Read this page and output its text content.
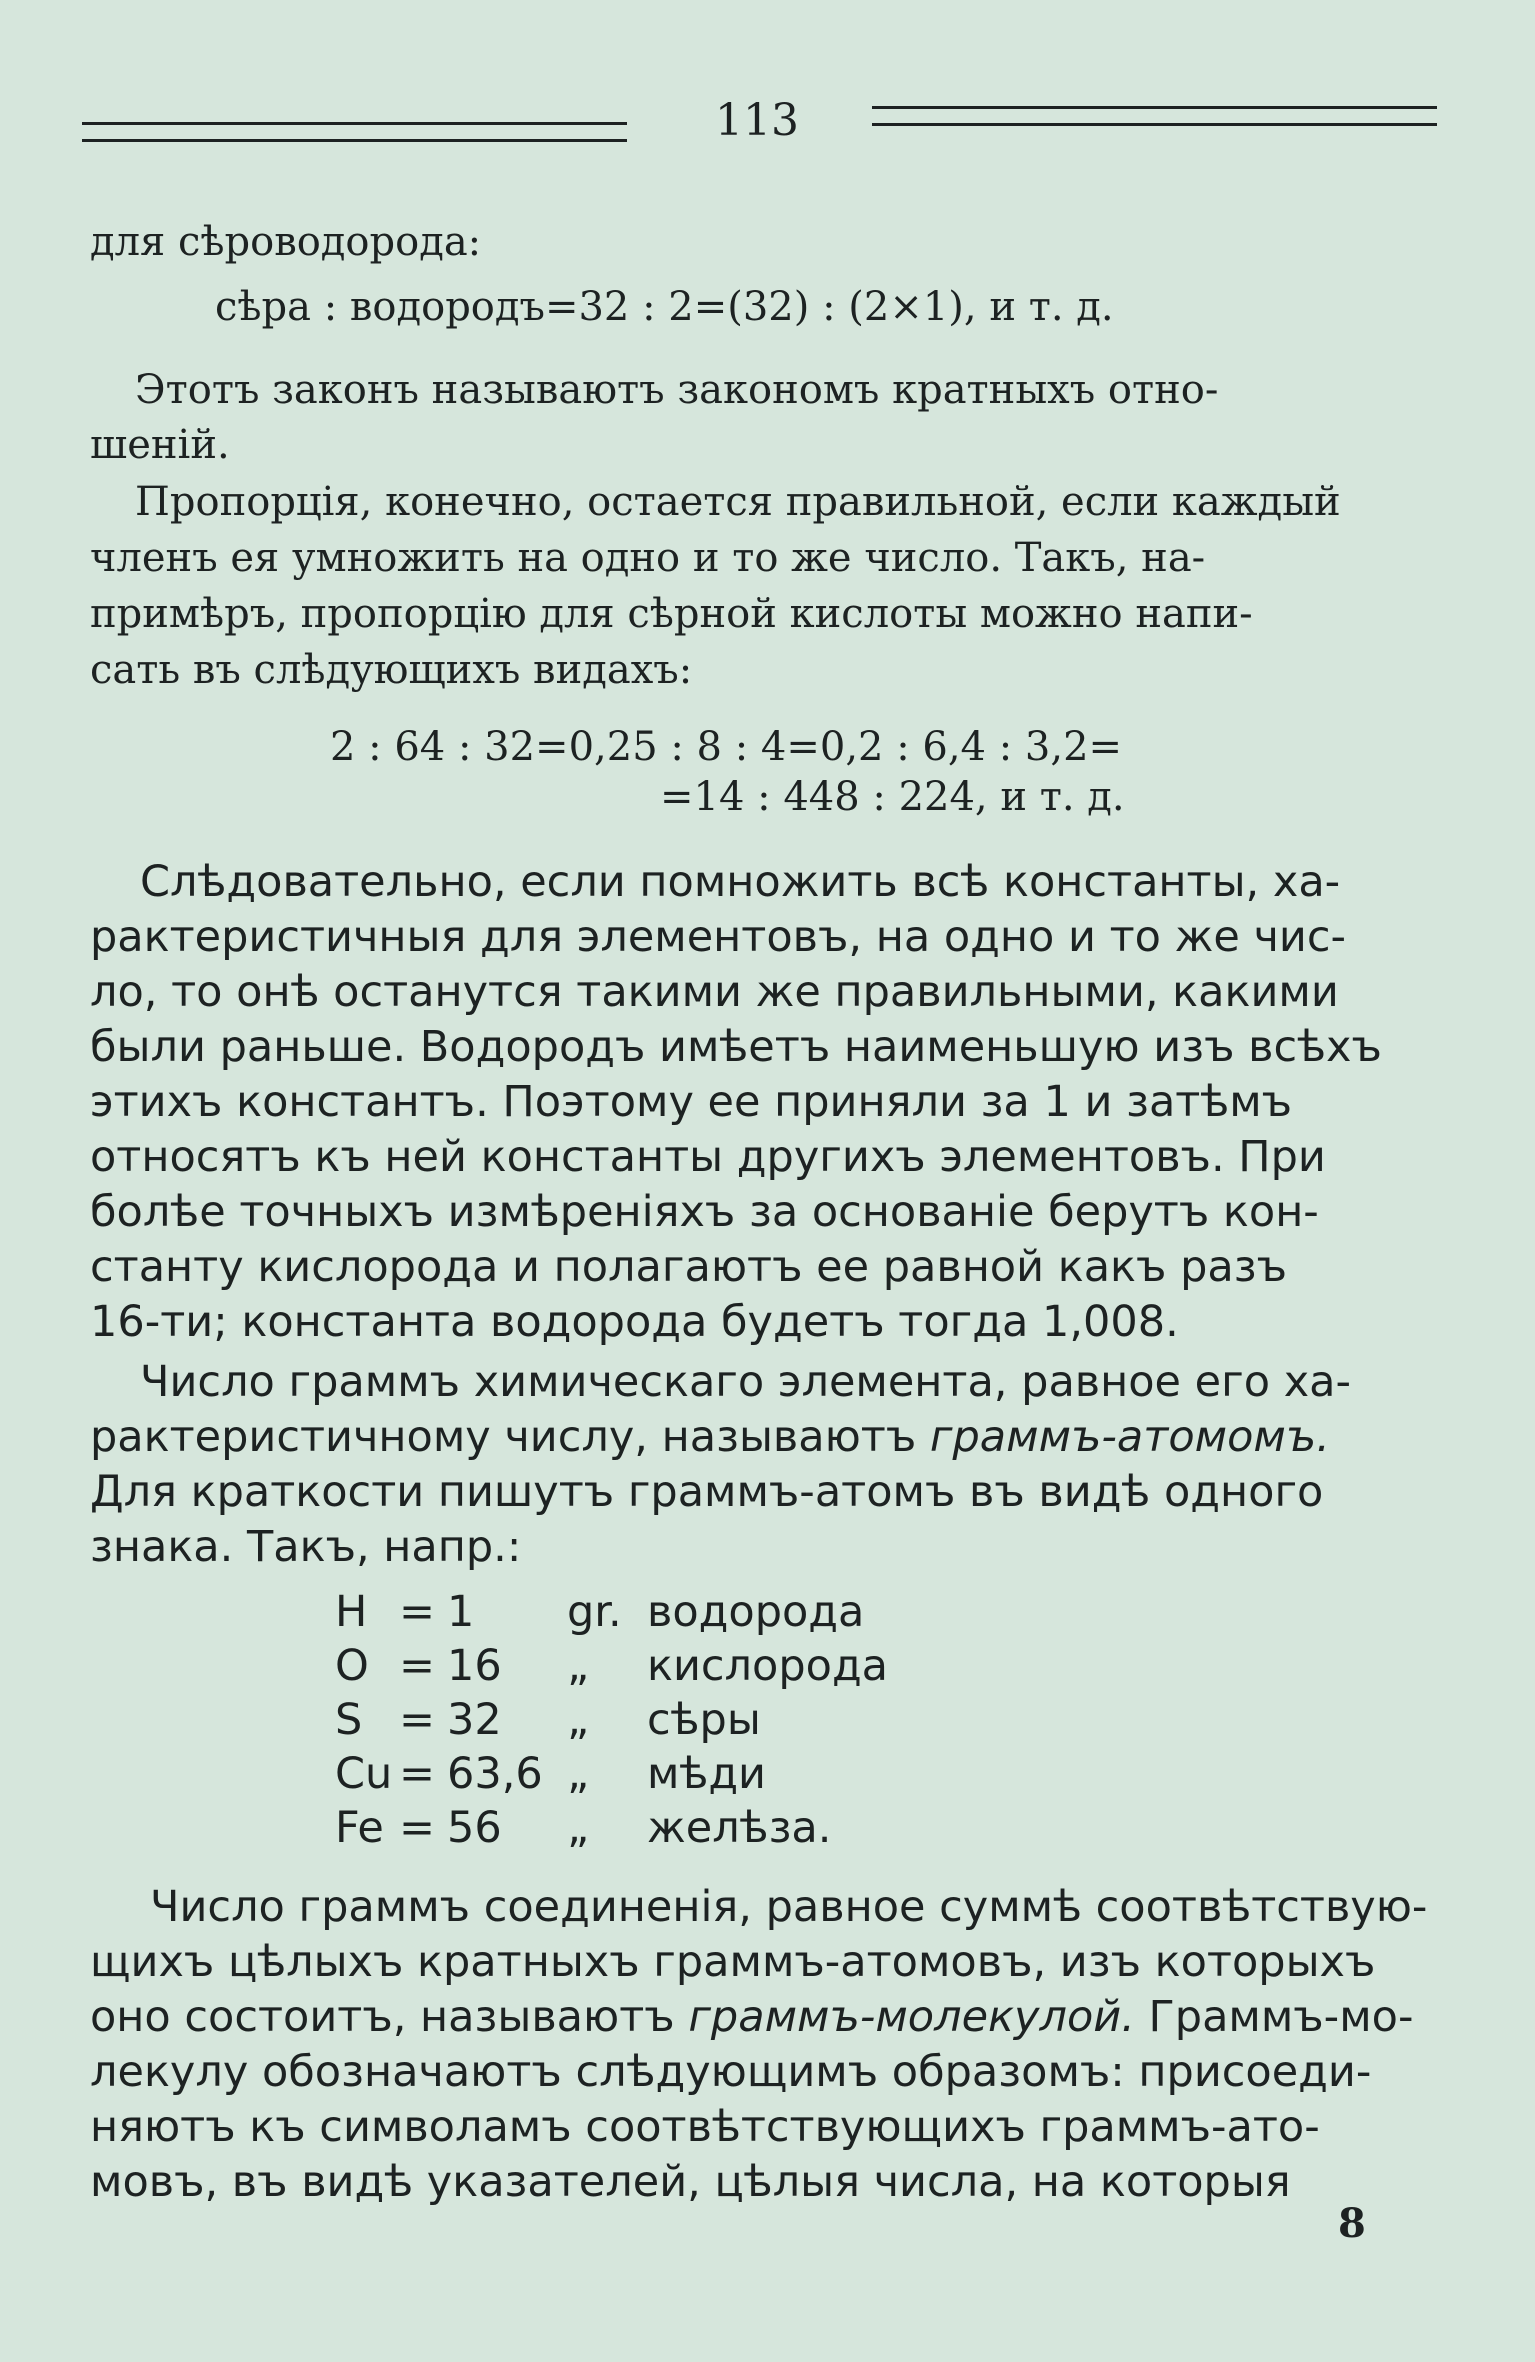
113
для сѣроводорода:
сѣра : водородъ=32 : 2=(32) : (2×1), и т. д.
Этотъ законъ называютъ закономъ кратныхъ отно-
шеній.
Пропорція, конечно, остается правильной, если каждый
членъ ея умножить на одно и то же число. Такъ, на-
примѣръ, пропорцію для сѣрной кислоты можно напи-
сать въ слѣдующихъ видахъ:
2 : 64 : 32=0,25 : 8 : 4=0,2 : 6,4 : 3,2=
=14 : 448 : 224, и т. д.
Слѣдовательно, если помножить всѣ константы, ха-
рактеристичныя для элементовъ, на одно и то же чис-
ло, то онѣ останутся такими же правильными, какими
были раньше. Водородъ имѣетъ наименьшую изъ всѣхъ
этихъ константъ. Поэтому ее приняли за 1 и затѣмъ
относятъ къ ней константы другихъ элементовъ. При
болѣе точныхъ измѣреніяхъ за основаніе берутъ кон-
станту кислорода и полагаютъ ее равной какъ разъ
16-ти; константа водорода будетъ тогда 1,008.
Число граммъ химическаго элемента, равное его ха-
рактеристичному числу, называютъ граммъ-атомомъ.
Для краткости пишутъ граммъ-атомъ въ видѣ одного
знака. Такъ, напр.:
H = 1	gr. водорода
O = 16	„	кислорода
S = 32	„	сѣры
Cu = 63,6 „	мѣди
Fe = 56	„	желѣза.
Число граммъ соединенія, равное суммѣ соотвѣтствую-
щихъ цѣлыхъ кратныхъ граммъ-атомовъ, изъ которыхъ
оно состоитъ, называютъ граммъ-молекулой. Граммъ-мо-
лекулу обозначаютъ слѣдующимъ образомъ: присоеди-
няютъ къ символамъ соотвѣтствующихъ граммъ-ато-
мовъ, въ видѣ указателей, цѣлыя числа, на которыя
8
